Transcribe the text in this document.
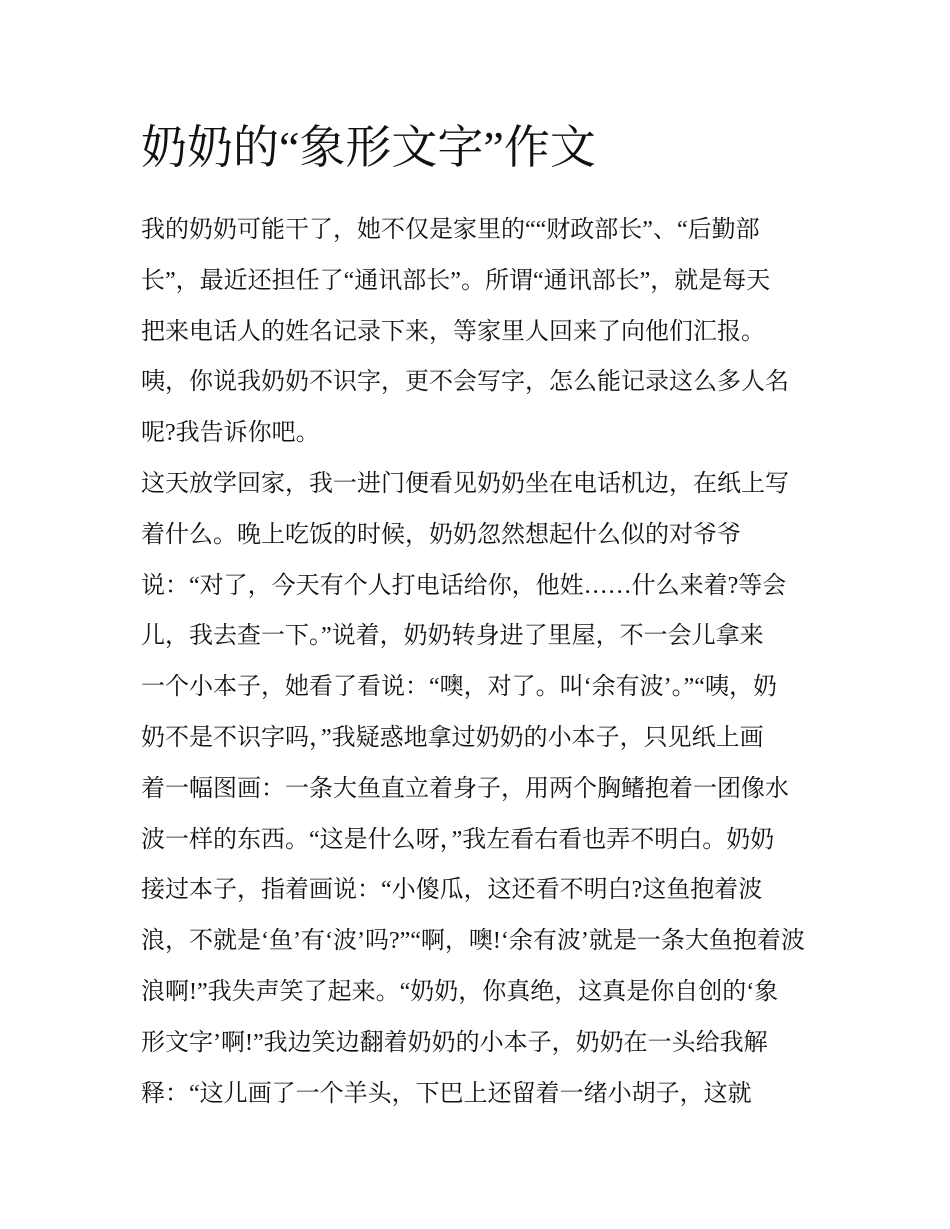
奶奶的“象形文字”作文
我的奶奶可能干了，她不仅是家里的““财政部长”、“后勤部
长”，最近还担任了“通讯部长”。所谓“通讯部长”，就是每天
把来电话人的姓名记录下来，等家里人回来了向他们汇报。
咦，你说我奶奶不识字，更不会写字，怎么能记录这么多人名
呢?我告诉你吧。
这天放学回家，我一进门便看见奶奶坐在电话机边，在纸上写
着什么。晚上吃饭的时候，奶奶忽然想起什么似的对爷爷
说：“对了，今天有个人打电话给你，他姓……什么来着?等会
儿，我去查一下。”说着，奶奶转身进了里屋，不一会儿拿来
一个小本子，她看了看说：“噢，对了。叫‘余有波’。”“咦，奶
奶不是不识字吗，”我疑惑地拿过奶奶的小本子，只见纸上画
着一幅图画：一条大鱼直立着身子，用两个胸鳍抱着一团像水
波一样的东西。“这是什么呀，”我左看右看也弄不明白。奶奶
接过本子，指着画说：“小傻瓜，这还看不明白?这鱼抱着波
浪，不就是‘鱼’有‘波’吗?”“啊，噢!‘余有波’就是一条大鱼抱着波
浪啊!”我失声笑了起来。“奶奶，你真绝，这真是你自创的‘象
形文字’啊!”我边笑边翻着奶奶的小本子，奶奶在一头给我解
释：“这儿画了一个羊头，下巴上还留着一绪小胡子，这就
